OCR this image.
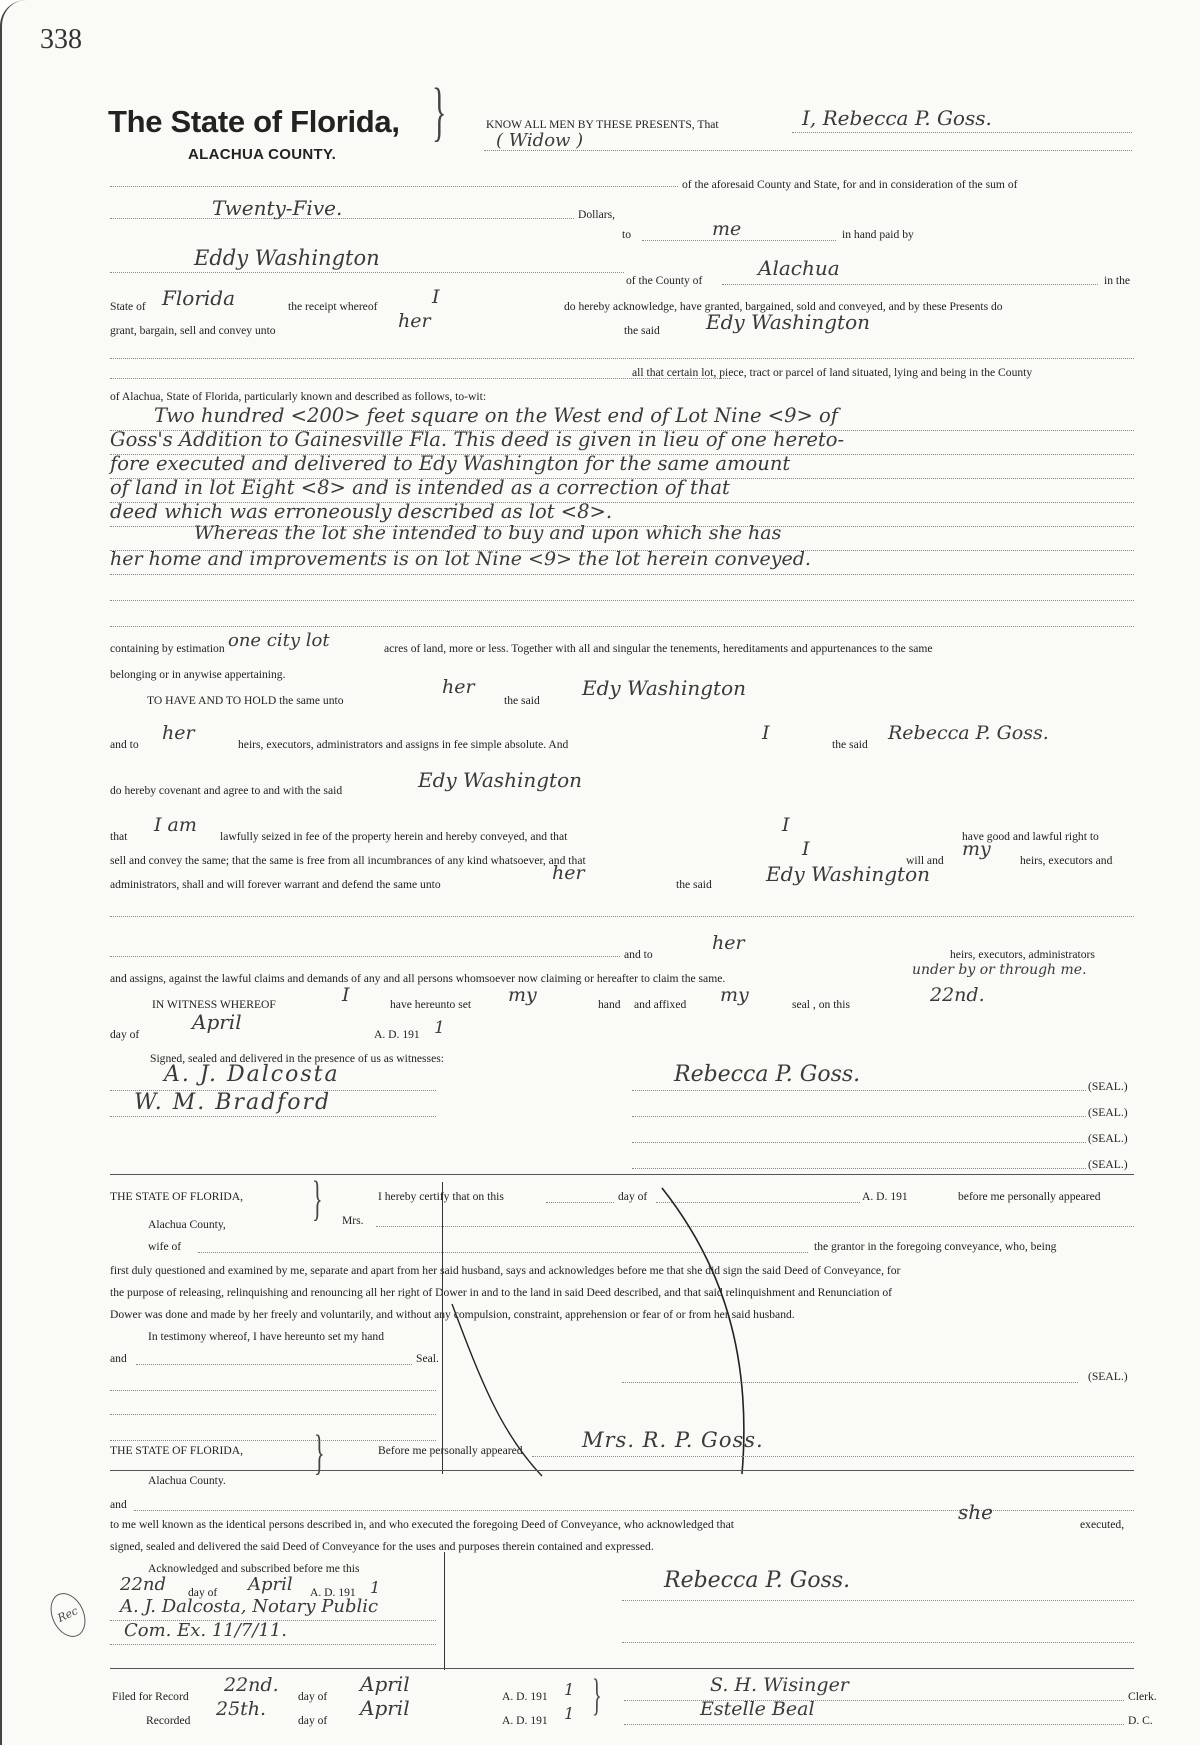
338
The State of Florida,
ALACHUA COUNTY.
}	KNOW ALL MEN BY THESE PRESENTS, That	I, Rebecca P. Goss.
( Widow )
of the aforesaid County and State, for and in consideration of the sum of
Twenty-Five.	Dollars,
to	me	in hand paid by
Eddy Washington
of the County of
Alachua
in the
State of Florida	the receipt whereof	I	do hereby acknowledge, have granted, bargained, sold and conveyed, and by these Presents do
grant, bargain, sell and convey unto	her	the said Edy Washington
all that certain lot, piece, tract or parcel of land situated, lying and being in the County
of Alachua, State of Florida, particularly known and described as follows, to-wit:
Two hundred <200> feet square on the West end of Lot Nine <9> of
Goss's Addition to Gainesville Fla. This deed is given in lieu of one hereto-
fore executed and delivered to Edy Washington for the same amount
of land in lot Eight <8> and is intended as a correction of that
deed which was erroneously described as lot <8>.
Whereas the lot she intended to buy and upon which she has
her home and improvements is on lot Nine <9> the lot herein conveyed.
containing by estimation one city lot	acres of land, more or less. Together with all and singular the tenements, hereditaments and appurtenances to the same
belonging or in anywise appertaining.
TO HAVE AND TO HOLD the same unto
her
the said
Edy Washington
and to
her
heirs, executors, administrators and assigns in fee simple absolute. And
I
the said
Rebecca P. Goss.
do hereby covenant and agree to and with the said	Edy Washington
that
I am
lawfully seized in fee of the property herein and hereby conveyed, and that
I
have good and lawful right to
sell and convey the same; that the same is free from all incumbrances of any kind whatsoever, and that
I
will and
my
heirs, executors and
administrators, shall and will forever warrant and defend the same unto
her
the said	Edy Washington
and to
her
heirs, executors, administrators
and assigns, against the lawful claims and demands of any and all persons whomsoever now claiming or hereafter to claim the same.
under by or through me.
IN WITNESS WHEREOF	I	have hereunto set my	hand and affixed my	seal , on this	22nd.
day of
April
A. D. 191 1
Signed, sealed and delivered in the presence of us as witnesses:
A. J. Dalcosta
W. M. Bradford
Rebecca P. Goss.	(SEAL.)
(SEAL.)
(SEAL.)
(SEAL.)
THE STATE OF FLORIDA,	}	I hereby certify that on this	day of	A. D. 191	before me personally appeared
Alachua County,	Mrs.
wife of	the grantor in the foregoing conveyance, who, being
first duly questioned and examined by me, separate and apart from her said husband, says and acknowledges before me that she did sign the said Deed of Conveyance, for
the purpose of releasing, relinquishing and renouncing all her right of Dower in and to the land in said Deed described, and that said relinquishment and Renunciation of
Dower was done and made by her freely and voluntarily, and without any compulsion, constraint, apprehension or fear of or from her said husband.
In testimony whereof, I have hereunto set my hand
and	Seal.
(SEAL.)
THE STATE OF FLORIDA,	}	Before me personally appeared	Mrs. R. P. Goss.
Alachua County.
and
to me well known as the identical persons described in, and who executed the foregoing Deed of Conveyance, who acknowledged that
she
executed,
signed, sealed and delivered the said Deed of Conveyance for the uses and purposes therein contained and expressed.
Acknowledged and subscribed before me this
22nd day of April A. D. 191 1
A. J. Dalcosta, Notary Public
Com. Ex. 11/7/11.
Rebecca P. Goss.
Rec
Filed for Record
22nd.
day of
April
A. D. 191 1
Recorded
25th.
day of
April
A. D. 191 1 }	S. H. Wisinger
Clerk.
Estelle Beal
D. C.
